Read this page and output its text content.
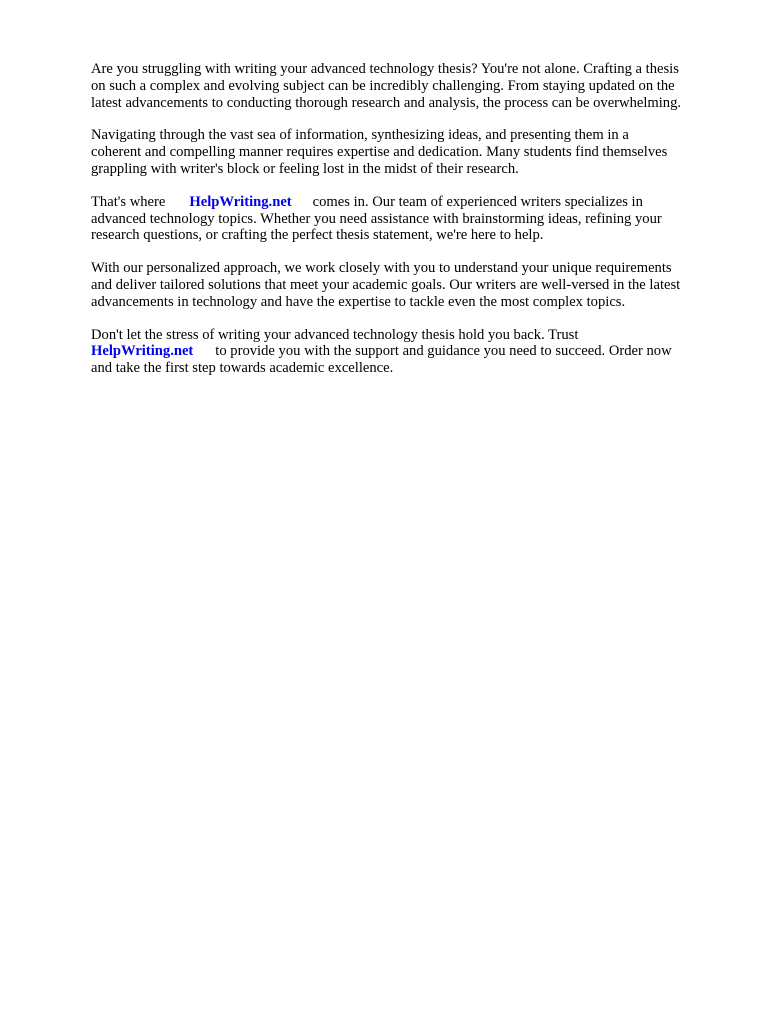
Are you struggling with writing your advanced technology thesis? You're not alone. Crafting a thesis
on such a complex and evolving subject can be incredibly challenging. From staying updated on the
latest advancements to conducting thorough research and analysis, the process can be overwhelming.

Navigating through the vast sea of information, synthesizing ideas, and presenting them in a
coherent and compelling manner requires expertise and dedication. Many students find themselves
grappling with writer's block or feeling lost in the midst of their research.

That's where HelpWriting.net comes in. Our team of experienced writers specializes in
advanced technology topics. Whether you need assistance with brainstorming ideas, refining your
research questions, or crafting the perfect thesis statement, we're here to help.

With our personalized approach, we work closely with you to understand your unique requirements
and deliver tailored solutions that meet your academic goals. Our writers are well-versed in the latest
advancements in technology and have the expertise to tackle even the most complex topics.

Don't let the stress of writing your advanced technology thesis hold you back. Trust
HelpWriting.net to provide you with the support and guidance you need to succeed. Order now
and take the first step towards academic excellence.
